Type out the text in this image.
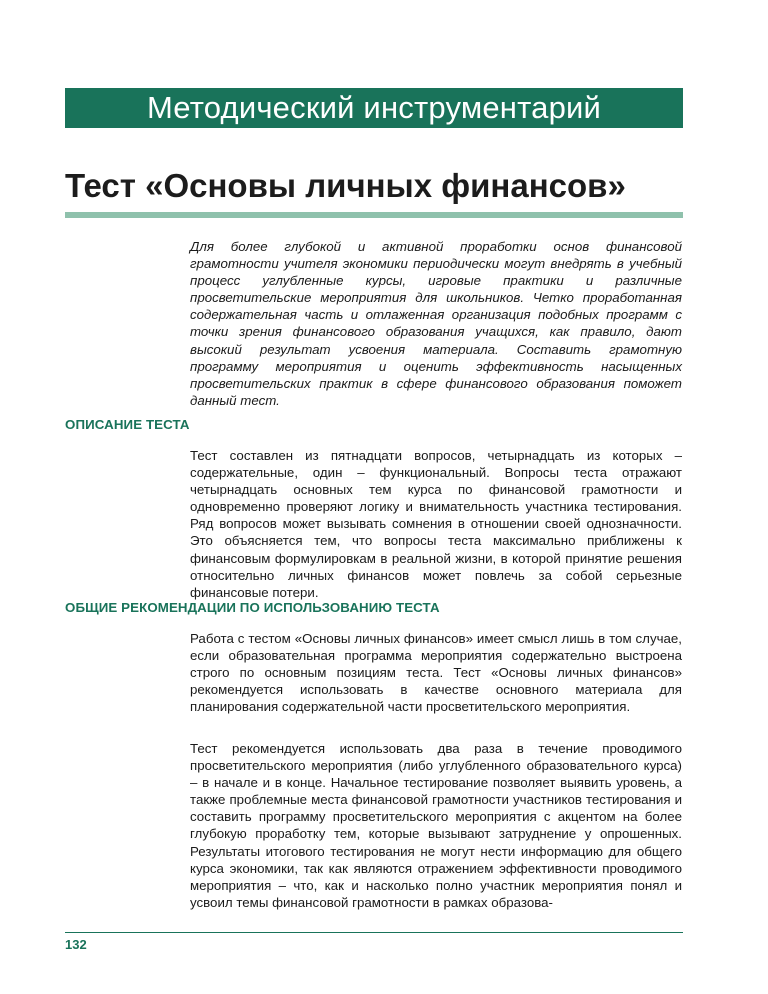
Методический инструментарий
Тест «Основы личных финансов»

Для более глубокой и активной проработки основ финансовой грамотности учителя экономики периодически могут внедрять в учебный процесс углубленные курсы, игровые практики и различные просветительские мероприятия для школьников. Четко проработанная содержательная часть и отлаженная организация подобных программ с точки зрения финансового образования учащихся, как правило, дают высокий результат усвоения материала. Составить грамотную программу мероприятия и оценить эффективность насыщенных просветительских практик в сфере финансового образования поможет данный тест.

ОПИСАНИЕ ТЕСТА

Тест составлен из пятнадцати вопросов, четырнадцать из которых – содержательные, один – функциональный. Вопросы теста отражают четырнадцать основных тем курса по финансовой грамотности и одновременно проверяют логику и внимательность участника тестирования. Ряд вопросов может вызывать сомнения в отношении своей однозначности. Это объясняется тем, что вопросы теста максимально приближены к финансовым формулировкам в реальной жизни, в которой принятие решения относительно личных финансов может повлечь за собой серьезные финансовые потери.

ОБЩИЕ РЕКОМЕНДАЦИИ ПО ИСПОЛЬЗОВАНИЮ ТЕСТА

Работа с тестом «Основы личных финансов» имеет смысл лишь в том случае, если образовательная программа мероприятия содержательно выстроена строго по основным позициям теста. Тест «Основы личных финансов» рекомендуется использовать в качестве основного материала для планирования содержательной части просветительского мероприятия.

Тест рекомендуется использовать два раза в течение проводимого просветительского мероприятия (либо углубленного образовательного курса) – в начале и в конце. Начальное тестирование позволяет выявить уровень, а также проблемные места финансовой грамотности участников тестирования и составить программу просветительского мероприятия с акцентом на более глубокую проработку тем, которые вызывают затруднение у опрошенных. Результаты итогового тестирования не могут нести информацию для общего курса экономики, так как являются отражением эффективности проводимого мероприятия – что, как и насколько полно участник мероприятия понял и усвоил темы финансовой грамотности в рамках образова-

132
